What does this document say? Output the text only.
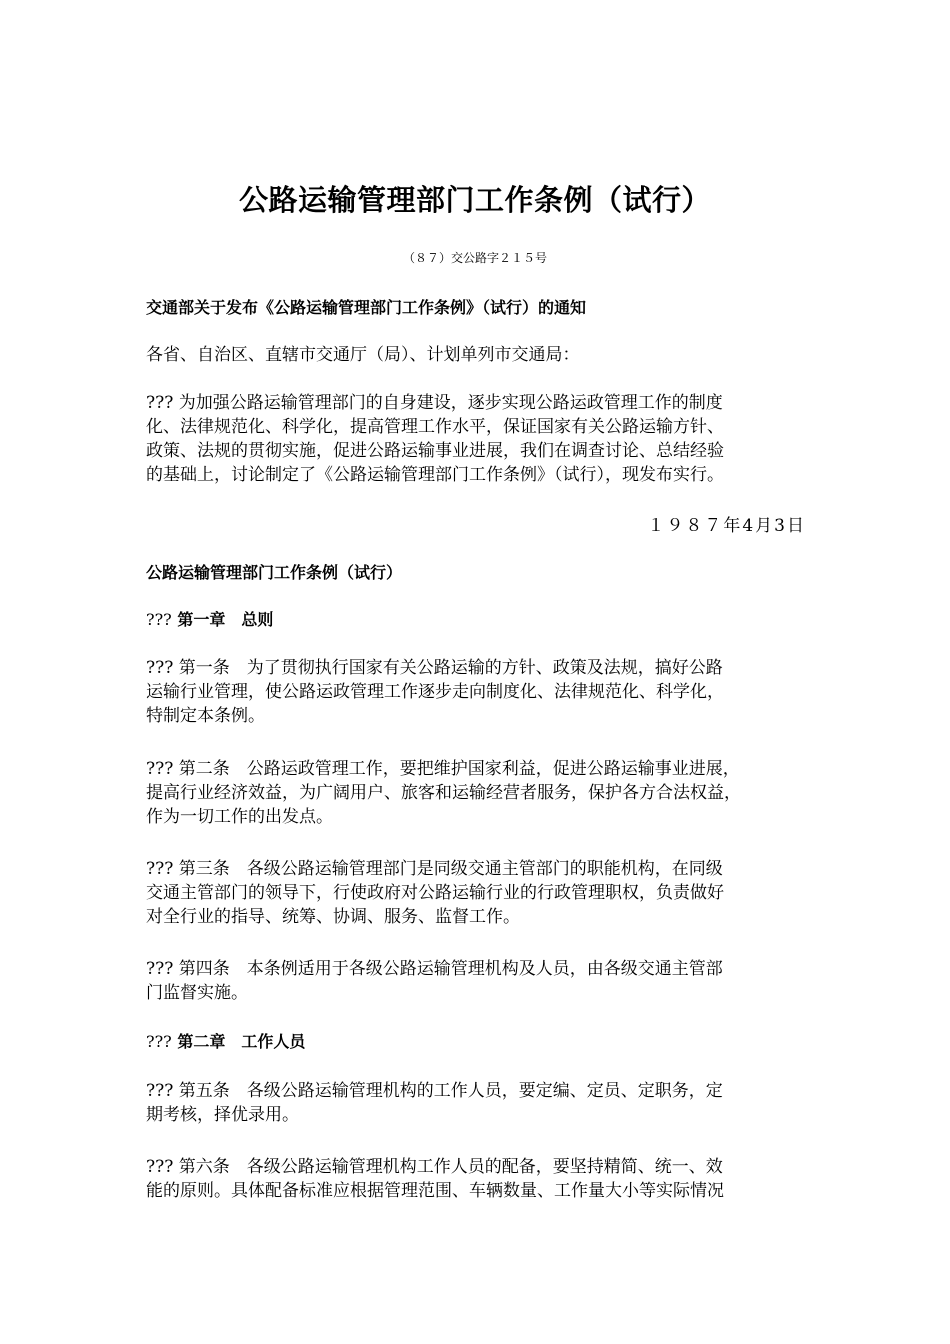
公路运输管理部门工作条例（试行）
（８７）交公路字２１５号
交通部关于发布《公路运输管理部门工作条例》（试行）的通知
各省、自治区、直辖市交通厅（局）、计划单列市交通局：
??? 为加强公路运输管理部门的自身建设，逐步实现公路运政管理工作的制度
化、法律规范化、科学化，提高管理工作水平，保证国家有关公路运输方针、
政策、法规的贯彻实施，促进公路运输事业进展，我们在调查讨论、总结经验
的基础上，讨论制定了《公路运输管理部门工作条例》（试行），现发布实行。
１９８７年4月3日
公路运输管理部门工作条例（试行）
??? 第一章　总则
??? 第一条　为了贯彻执行国家有关公路运输的方针、政策及法规，搞好公路
运输行业管理，使公路运政管理工作逐步走向制度化、法律规范化、科学化，
特制定本条例。
??? 第二条　公路运政管理工作，要把维护国家利益，促进公路运输事业进展，
提高行业经济效益，为广阔用户、旅客和运输经营者服务，保护各方合法权益，
作为一切工作的出发点。
??? 第三条　各级公路运输管理部门是同级交通主管部门的职能机构，在同级
交通主管部门的领导下，行使政府对公路运输行业的行政管理职权，负责做好
对全行业的指导、统筹、协调、服务、监督工作。
??? 第四条　本条例适用于各级公路运输管理机构及人员，由各级交通主管部
门监督实施。
??? 第二章　工作人员
??? 第五条　各级公路运输管理机构的工作人员，要定编、定员、定职务，定
期考核，择优录用。
??? 第六条　各级公路运输管理机构工作人员的配备，要坚持精简、统一、效
能的原则。具体配备标准应根据管理范围、车辆数量、工作量大小等实际情况
